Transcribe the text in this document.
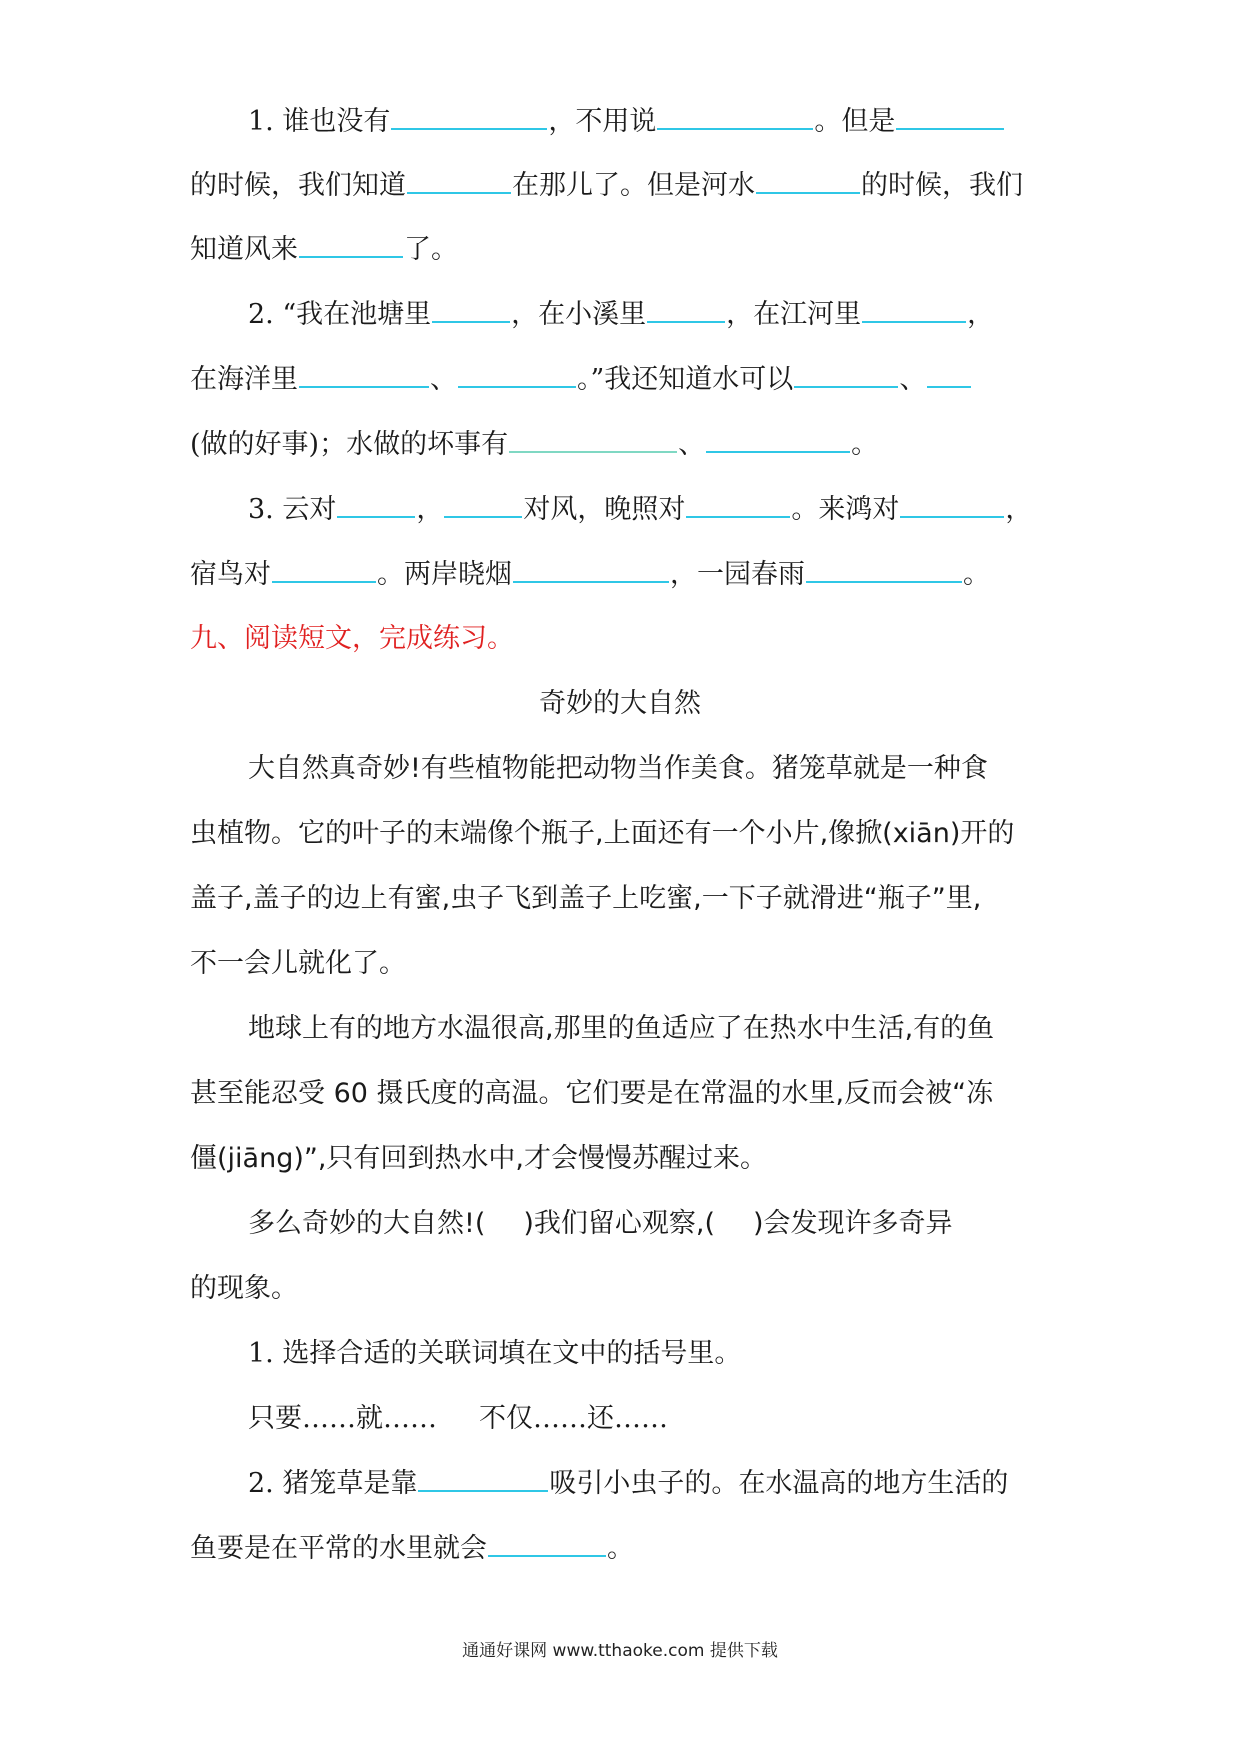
1. 谁也没有	，不用说	。但是
的时候，我们知道	在那儿了。但是河水	的时候，我们
知道风来	了。
2. “我在池塘里	，在小溪里	，在江河里	，
在海洋里	、	。”我还知道水可以	、
(做的好事)；水做的坏事有	、	。
3. 云对	，	对风，晚照对	。来鸿对	，
宿鸟对	。两岸晓烟	，一园春雨	。
九、阅读短文，完成练习。
奇妙的大自然
大自然真奇妙!有些植物能把动物当作美食。猪笼草就是一种食
虫植物。它的叶子的末端像个瓶子,上面还有一个小片,像掀(xiān)开的
盖子,盖子的边上有蜜,虫子飞到盖子上吃蜜,一下子就滑进“瓶子”里,
不一会儿就化了。
地球上有的地方水温很高,那里的鱼适应了在热水中生活,有的鱼
甚至能忍受 60 摄氏度的高温。它们要是在常温的水里,反而会被“冻
僵(jiāng)”,只有回到热水中,才会慢慢苏醒过来。
多么奇妙的大自然!( )我们留心观察,( )会发现许多奇异
的现象。
1. 选择合适的关联词填在文中的括号里。
只要……就…… 不仅……还……
2. 猪笼草是靠	吸引小虫子的。在水温高的地方生活的
鱼要是在平常的水里就会	。
通通好课网 www.tthaoke.com 提供下载
